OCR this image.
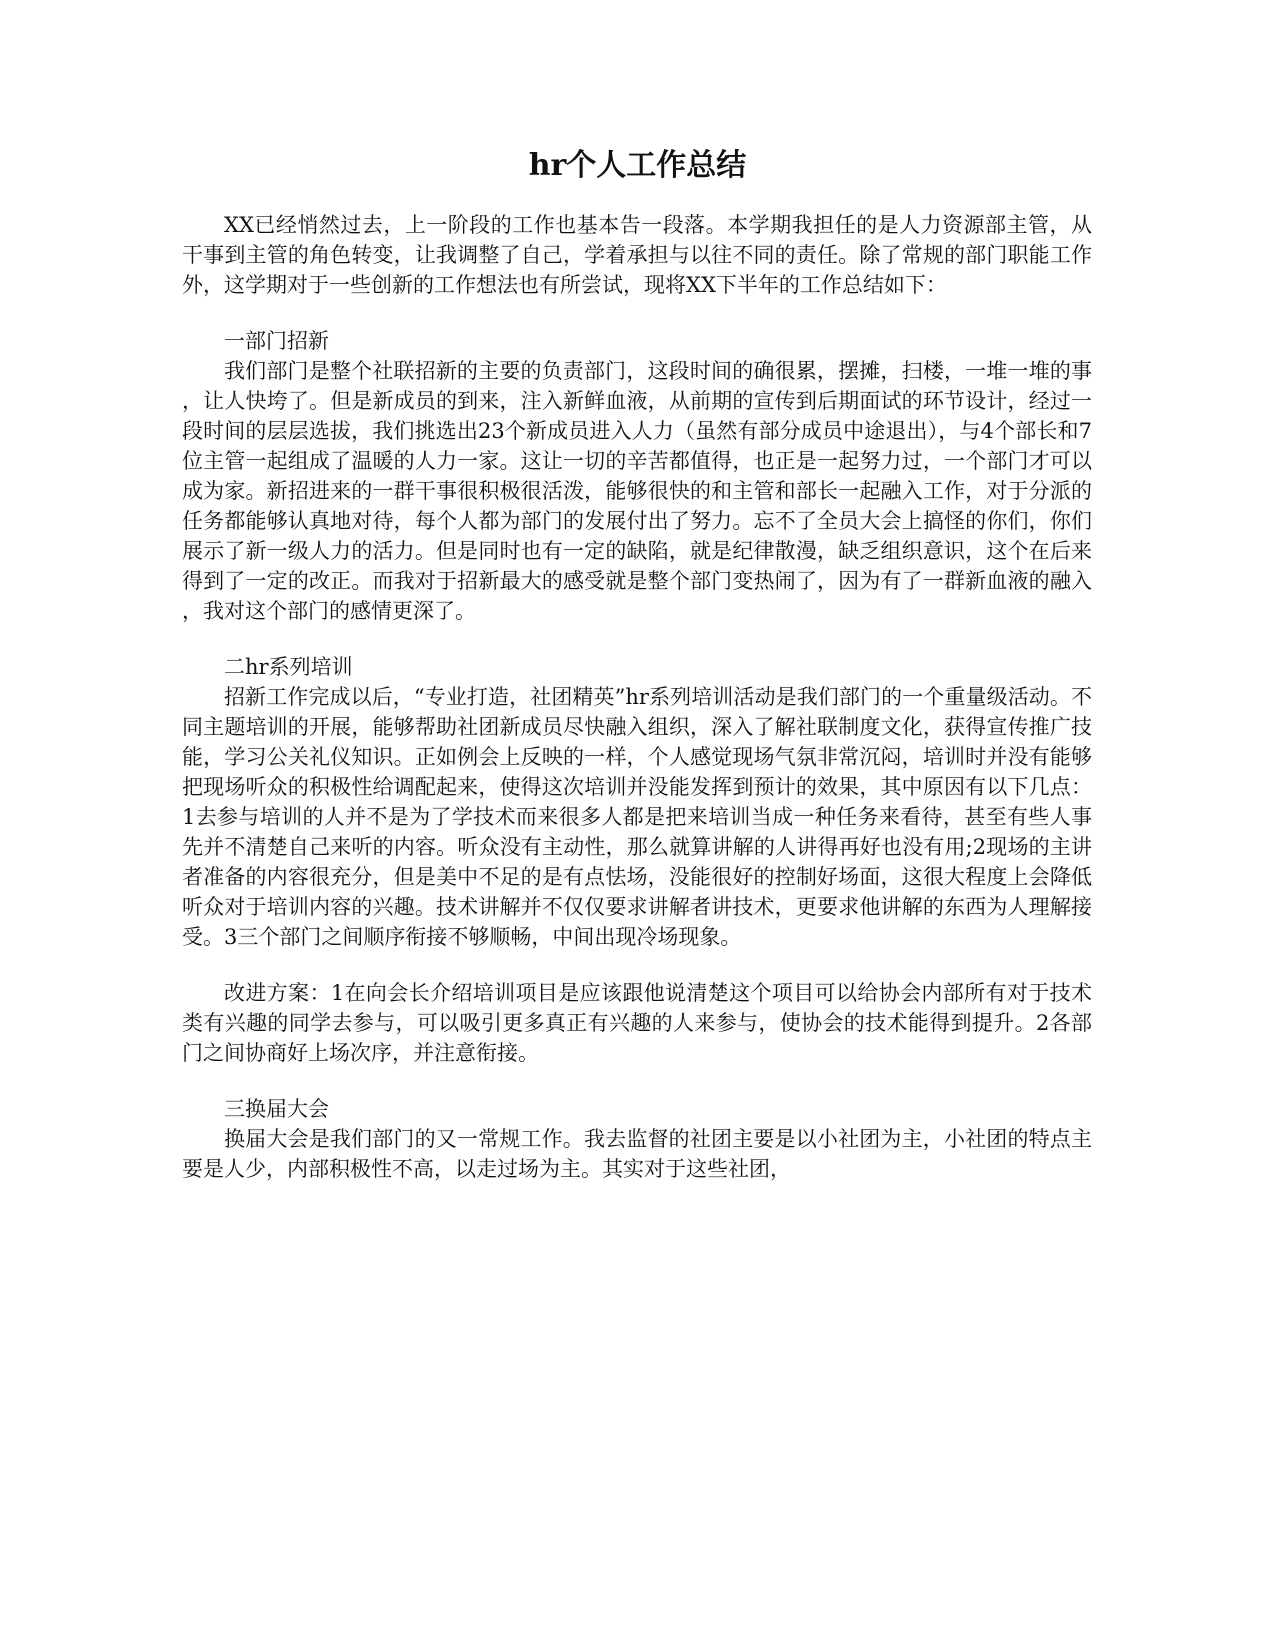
hr个人工作总结

XX已经悄然过去，上一阶段的工作也基本告一段落。本学期我担任的是人力资源部主管，从干事到主管的角色转变，让我调整了自己，学着承担与以往不同的责任。除了常规的部门职能工作外，这学期对于一些创新的工作想法也有所尝试，现将XX下半年的工作总结如下：

一部门招新

我们部门是整个社联招新的主要的负责部门，这段时间的确很累，摆摊，扫楼，一堆一堆的事，让人快垮了。但是新成员的到来，注入新鲜血液，从前期的宣传到后期面试的环节设计，经过一段时间的层层选拔，我们挑选出23个新成员进入人力（虽然有部分成员中途退出），与4个部长和7位主管一起组成了温暖的人力一家。这让一切的辛苦都值得，也正是一起努力过，一个部门才可以成为家。新招进来的一群干事很积极很活泼，能够很快的和主管和部长一起融入工作，对于分派的任务都能够认真地对待，每个人都为部门的发展付出了努力。忘不了全员大会上搞怪的你们，你们展示了新一级人力的活力。但是同时也有一定的缺陷，就是纪律散漫，缺乏组织意识，这个在后来得到了一定的改正。而我对于招新最大的感受就是整个部门变热闹了，因为有了一群新血液的融入，我对这个部门的感情更深了。

二hr系列培训

招新工作完成以后，“专业打造，社团精英”hr系列培训活动是我们部门的一个重量级活动。不同主题培训的开展，能够帮助社团新成员尽快融入组织，深入了解社联制度文化，获得宣传推广技能，学习公关礼仪知识。正如例会上反映的一样，个人感觉现场气氛非常沉闷，培训时并没有能够把现场听众的积极性给调配起来，使得这次培训并没能发挥到预计的效果，其中原因有以下几点：1去参与培训的人并不是为了学技术而来很多人都是把来培训当成一种任务来看待，甚至有些人事先并不清楚自己来听的内容。听众没有主动性，那么就算讲解的人讲得再好也没有用;2现场的主讲者准备的内容很充分，但是美中不足的是有点怯场，没能很好的控制好场面，这很大程度上会降低听众对于培训内容的兴趣。技术讲解并不仅仅要求讲解者讲技术，更要求他讲解的东西为人理解接受。3三个部门之间顺序衔接不够顺畅，中间出现冷场现象。

改进方案：1在向会长介绍培训项目是应该跟他说清楚这个项目可以给协会内部所有对于技术类有兴趣的同学去参与，可以吸引更多真正有兴趣的人来参与，使协会的技术能得到提升。2各部门之间协商好上场次序，并注意衔接。

三换届大会

换届大会是我们部门的又一常规工作。我去监督的社团主要是以小社团为主，小社团的特点主要是人少，内部积极性不高，以走过场为主。其实对于这些社团，
